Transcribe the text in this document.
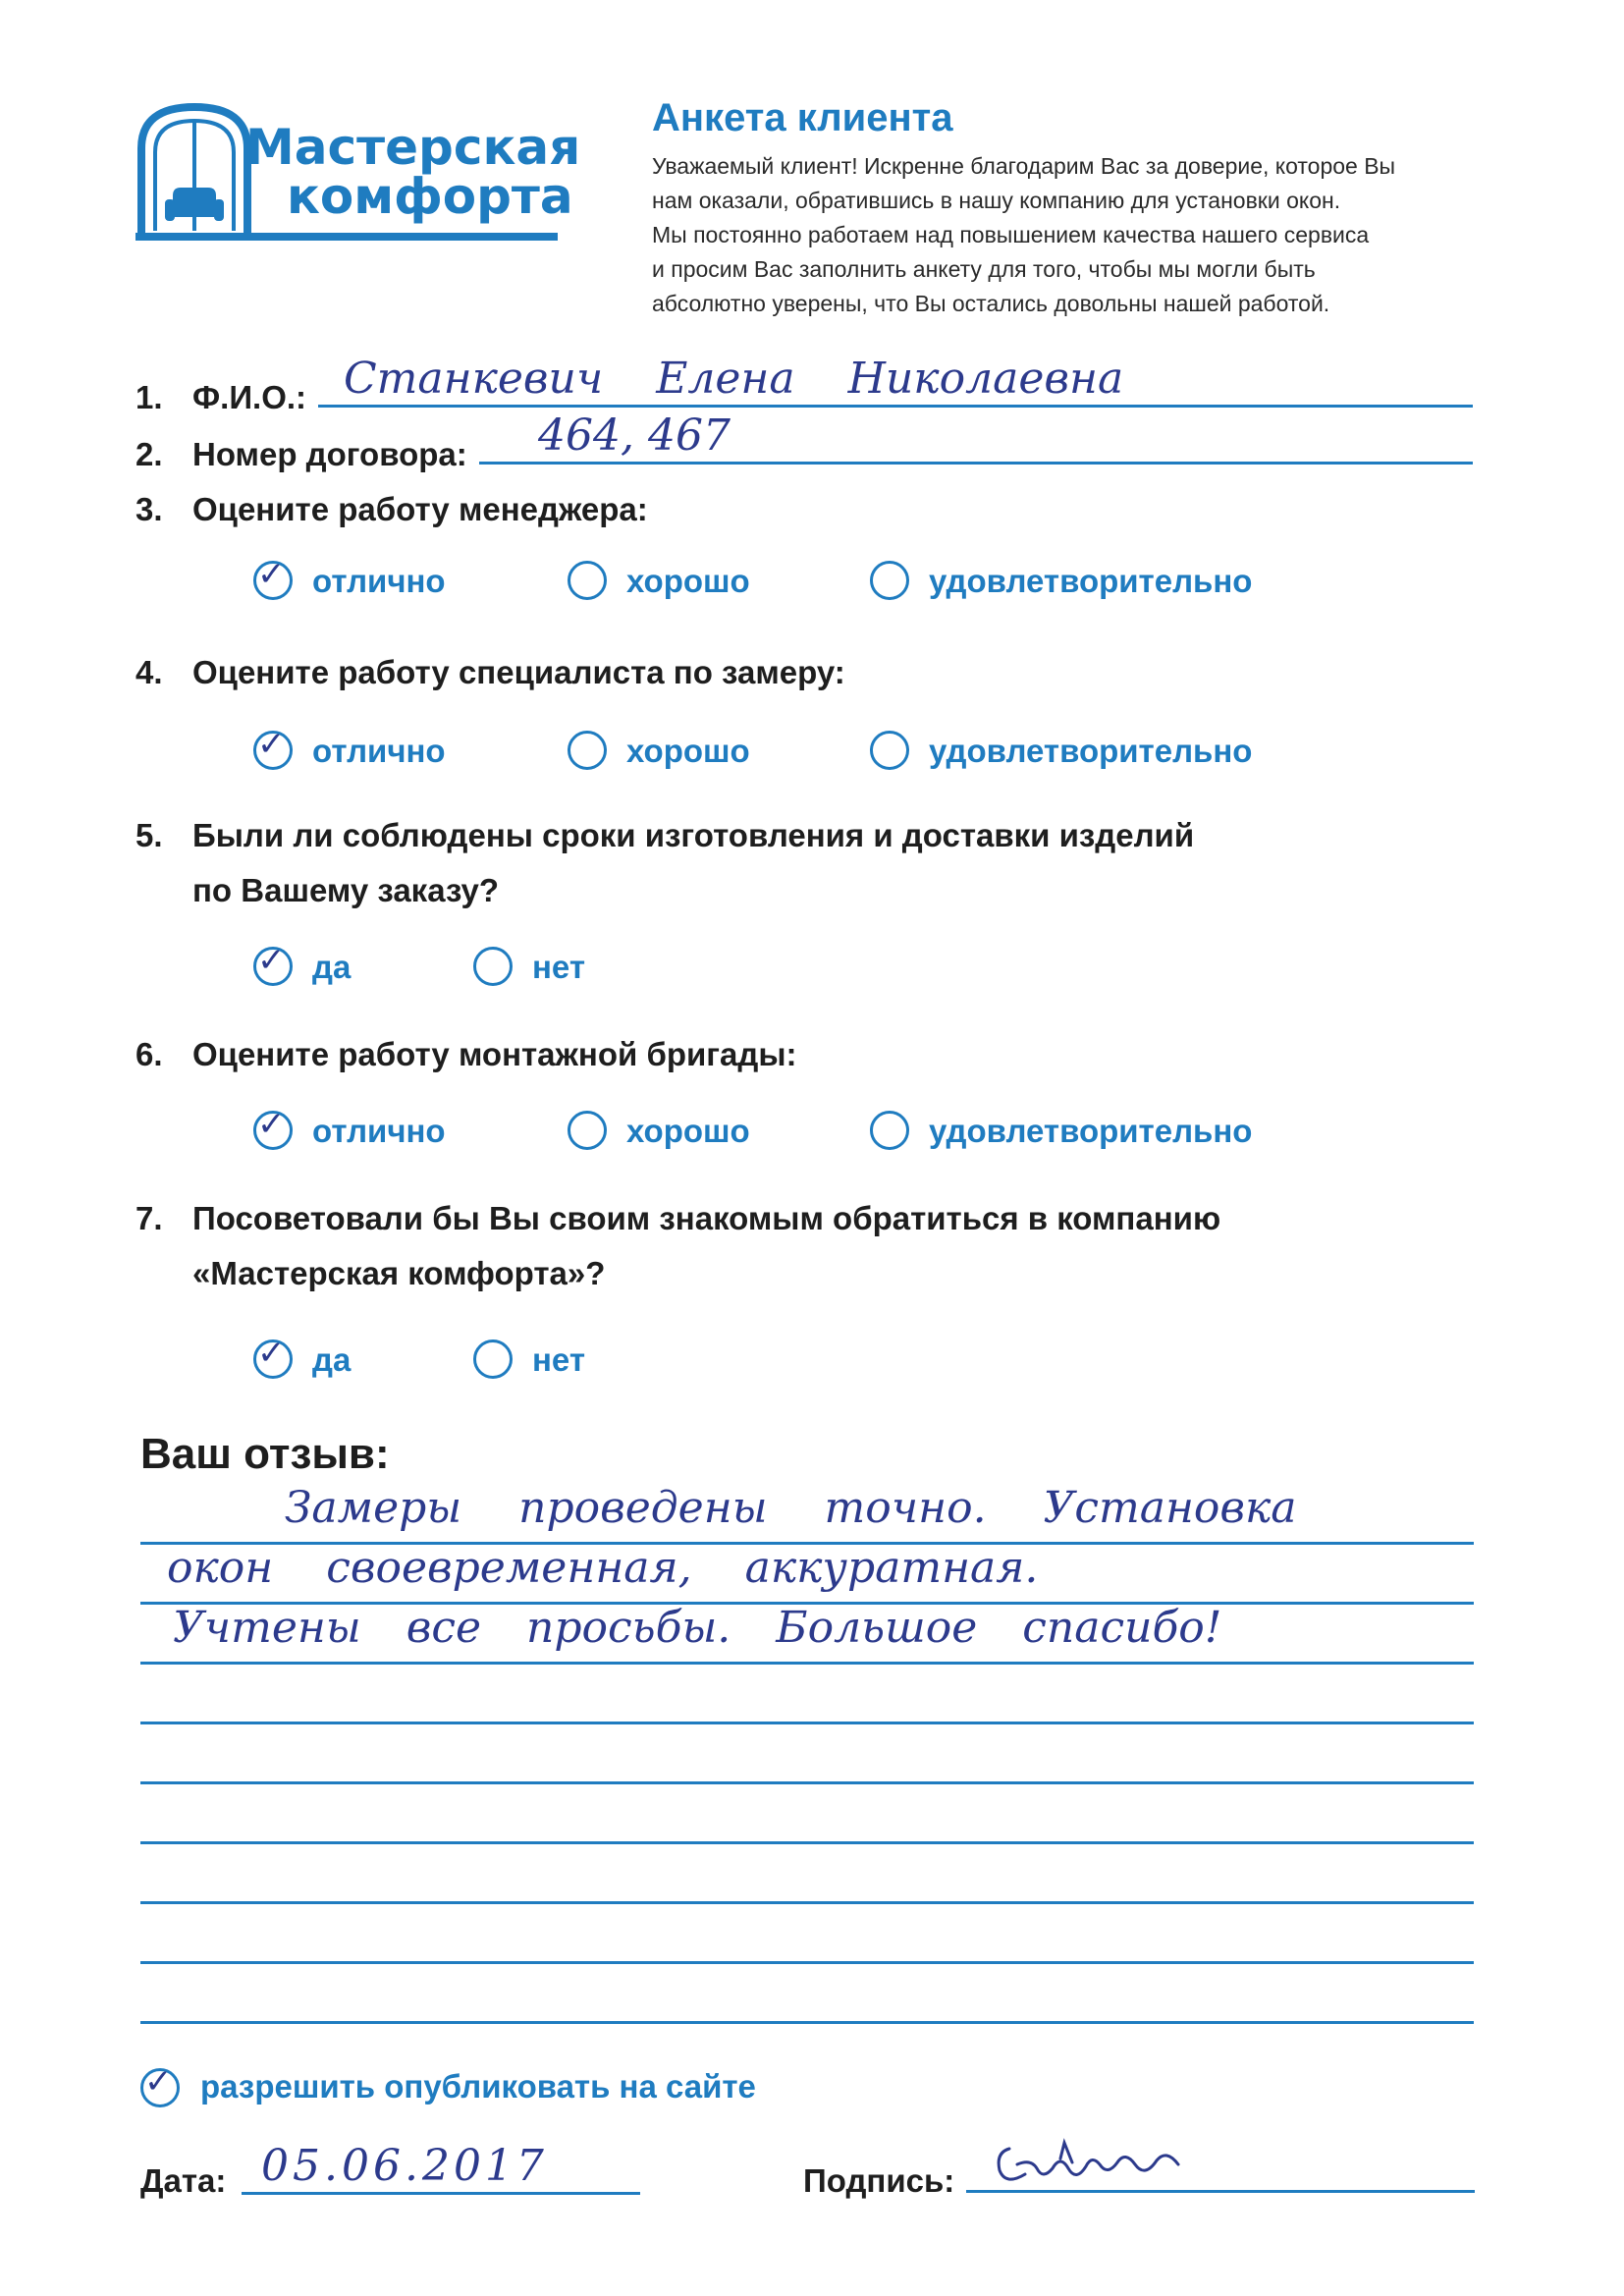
Мастерская
комфорта
Анкета клиента
Уважаемый клиент! Искренне благодарим Вас за доверие, которое Вы
нам оказали, обратившись в нашу компанию для установки окон.
Мы постоянно работаем над повышением качества нашего сервиса
и просим Вас заполнить анкету для того, чтобы мы могли быть
абсолютно уверены, что Вы остались довольны нашей работой.
1. Ф.И.О.: Станкевич Елена Николаевна
2. Номер договора: 464, 467
3. Оцените работу менеджера:
✓ отлично	хорошо	удовлетворительно
4. Оцените работу специалиста по замеру:
✓ отлично	хорошо	удовлетворительно
5. Были ли соблюдены сроки изготовления и доставки изделий
по Вашему заказу?
✓ да	нет
6. Оцените работу монтажной бригады:
✓ отлично	хорошо	удовлетворительно
7. Посоветовали бы Вы своим знакомым обратиться в компанию
«Мастерская комфорта»?
✓ да	нет
Ваш отзыв:
Замеры проведены точно. Установка
окон своевременная, аккуратная.
Учтены все просьбы. Большое спасибо!
✓ разрешить опубликовать на сайте
Дата: 05.06.2017	Подпись:
